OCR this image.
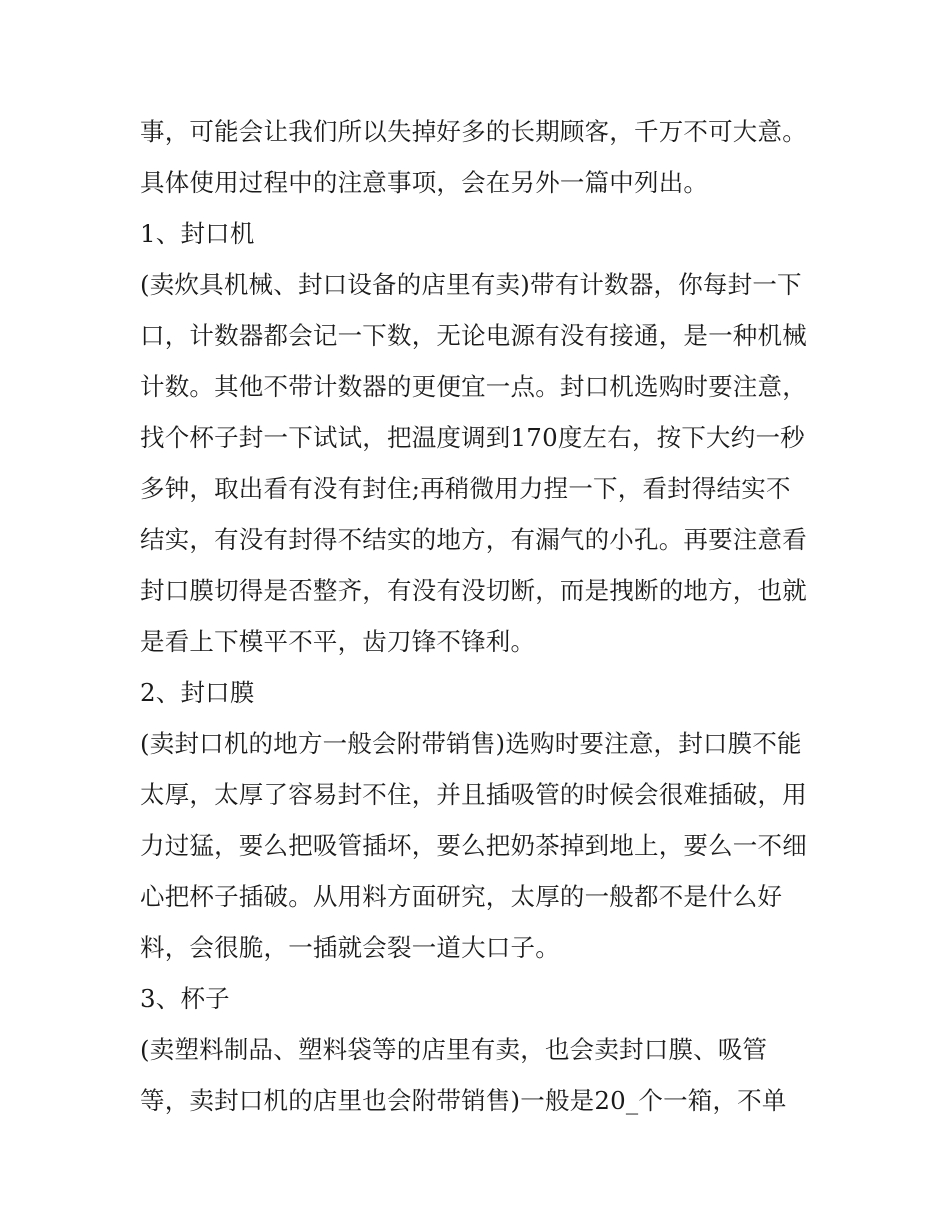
事，可能会让我们所以失掉好多的长期顾客，千万不可大意。
具体使用过程中的注意事项，会在另外一篇中列出。
1、封口机
(卖炊具机械、封口设备的店里有卖)带有计数器，你每封一下
口，计数器都会记一下数，无论电源有没有接通，是一种机械
计数。其他不带计数器的更便宜一点。封口机选购时要注意，
找个杯子封一下试试，把温度调到170度左右，按下大约一秒
多钟，取出看有没有封住;再稍微用力捏一下，看封得结实不
结实，有没有封得不结实的地方，有漏气的小孔。再要注意看
封口膜切得是否整齐，有没有没切断，而是拽断的地方，也就
是看上下模平不平，齿刀锋不锋利。
2、封口膜
(卖封口机的地方一般会附带销售)选购时要注意，封口膜不能
太厚，太厚了容易封不住，并且插吸管的时候会很难插破，用
力过猛，要么把吸管插坏，要么把奶茶掉到地上，要么一不细
心把杯子插破。从用料方面研究，太厚的一般都不是什么好
料，会很脆，一插就会裂一道大口子。
3、杯子
(卖塑料制品、塑料袋等的店里有卖，也会卖封口膜、吸管
等，卖封口机的店里也会附带销售)一般是20_个一箱，不单
